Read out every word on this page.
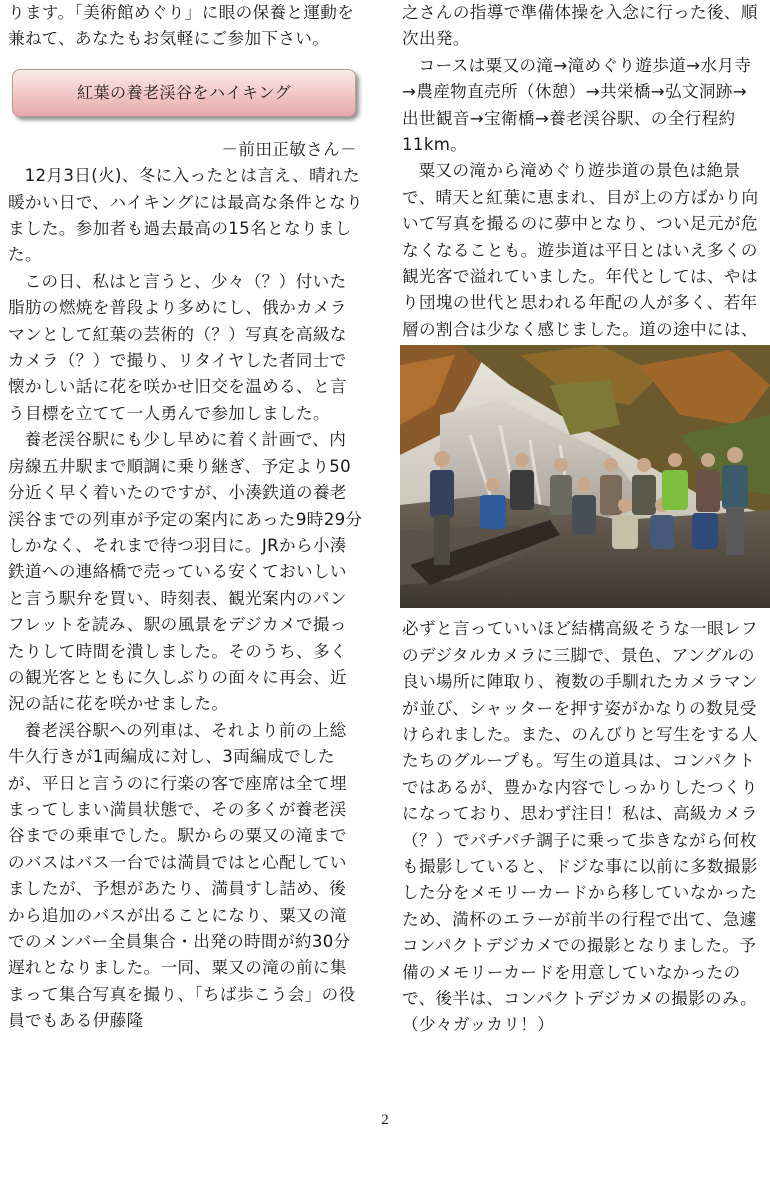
ります。「美術館めぐり」に眼の保養と運動を兼ねて、あなたもお気軽にご参加下さい。

紅葉の養老渓谷をハイキング

－前田正敏さん－

12月3日(火)、冬に入ったとは言え、晴れた暖かい日で、ハイキングには最高な条件となりました。参加者も過去最高の15名となりました。

この日、私はと言うと、少々（？）付いた脂肪の燃焼を普段より多めにし、俄かカメラマンとして紅葉の芸術的（？）写真を高級なカメラ（？）で撮り、リタイヤした者同士で懐かしい話に花を咲かせ旧交を温める、と言う目標を立てて一人勇んで参加しました。

養老渓谷駅にも少し早めに着く計画で、内房線五井駅まで順調に乗り継ぎ、予定より50分近く早く着いたのですが、小湊鉄道の養老渓谷までの列車が予定の案内にあった9時29分しかなく、それまで待つ羽目に。JRから小湊鉄道への連絡橋で売っている安くておいしいと言う駅弁を買い、時刻表、観光案内のパンフレットを読み、駅の風景をデジカメで撮ったりして時間を潰しました。そのうち、多くの観光客とともに久しぶりの面々に再会、近況の話に花を咲かせました。

養老渓谷駅への列車は、それより前の上総牛久行きが1両編成に対し、3両編成でしたが、平日と言うのに行楽の客で座席は全て埋まってしまい満員状態で、その多くが養老渓谷までの乗車でした。駅からの粟又の滝までのバスはバス一台では満員ではと心配していましたが、予想があたり、満員すし詰め、後から追加のバスが出ることになり、粟又の滝でのメンバー全員集合・出発の時間が約30分遅れとなりました。一同、粟又の滝の前に集まって集合写真を撮り、「ちば歩こう会」の役員でもある伊藤隆

之さんの指導で準備体操を入念に行った後、順次出発。

コースは粟又の滝→滝めぐり遊歩道→水月寺→農産物直売所（休憩）→共栄橋→弘文洞跡→出世観音→宝衛橋→養老渓谷駅、の全行程約11km。

粟又の滝から滝めぐり遊歩道の景色は絶景で、晴天と紅葉に恵まれ、目が上の方ばかり向いて写真を撮るのに夢中となり、つい足元が危なくなることも。遊歩道は平日とはいえ多くの観光客で溢れていました。年代としては、やはり団塊の世代と思われる年配の人が多く、若年層の割合は少なく感じました。道の途中には、

必ずと言っていいほど結構高級そうな一眼レフのデジタルカメラに三脚で、景色、アングルの良い場所に陣取り、複数の手馴れたカメラマンが並び、シャッターを押す姿がかなりの数見受けられました。また、のんびりと写生をする人たちのグループも。写生の道具は、コンパクトではあるが、豊かな内容でしっかりしたつくりになっており、思わず注目！私は、高級カメラ（？）でパチパチ調子に乗って歩きながら何枚も撮影していると、ドジな事に以前に多数撮影した分をメモリーカードから移していなかったため、満杯のエラーが前半の行程で出て、急遽コンパクトデジカメでの撮影となりました。予備のメモリーカードを用意していなかったので、後半は、コンパクトデジカメの撮影のみ。（少々ガッカリ！）

2
